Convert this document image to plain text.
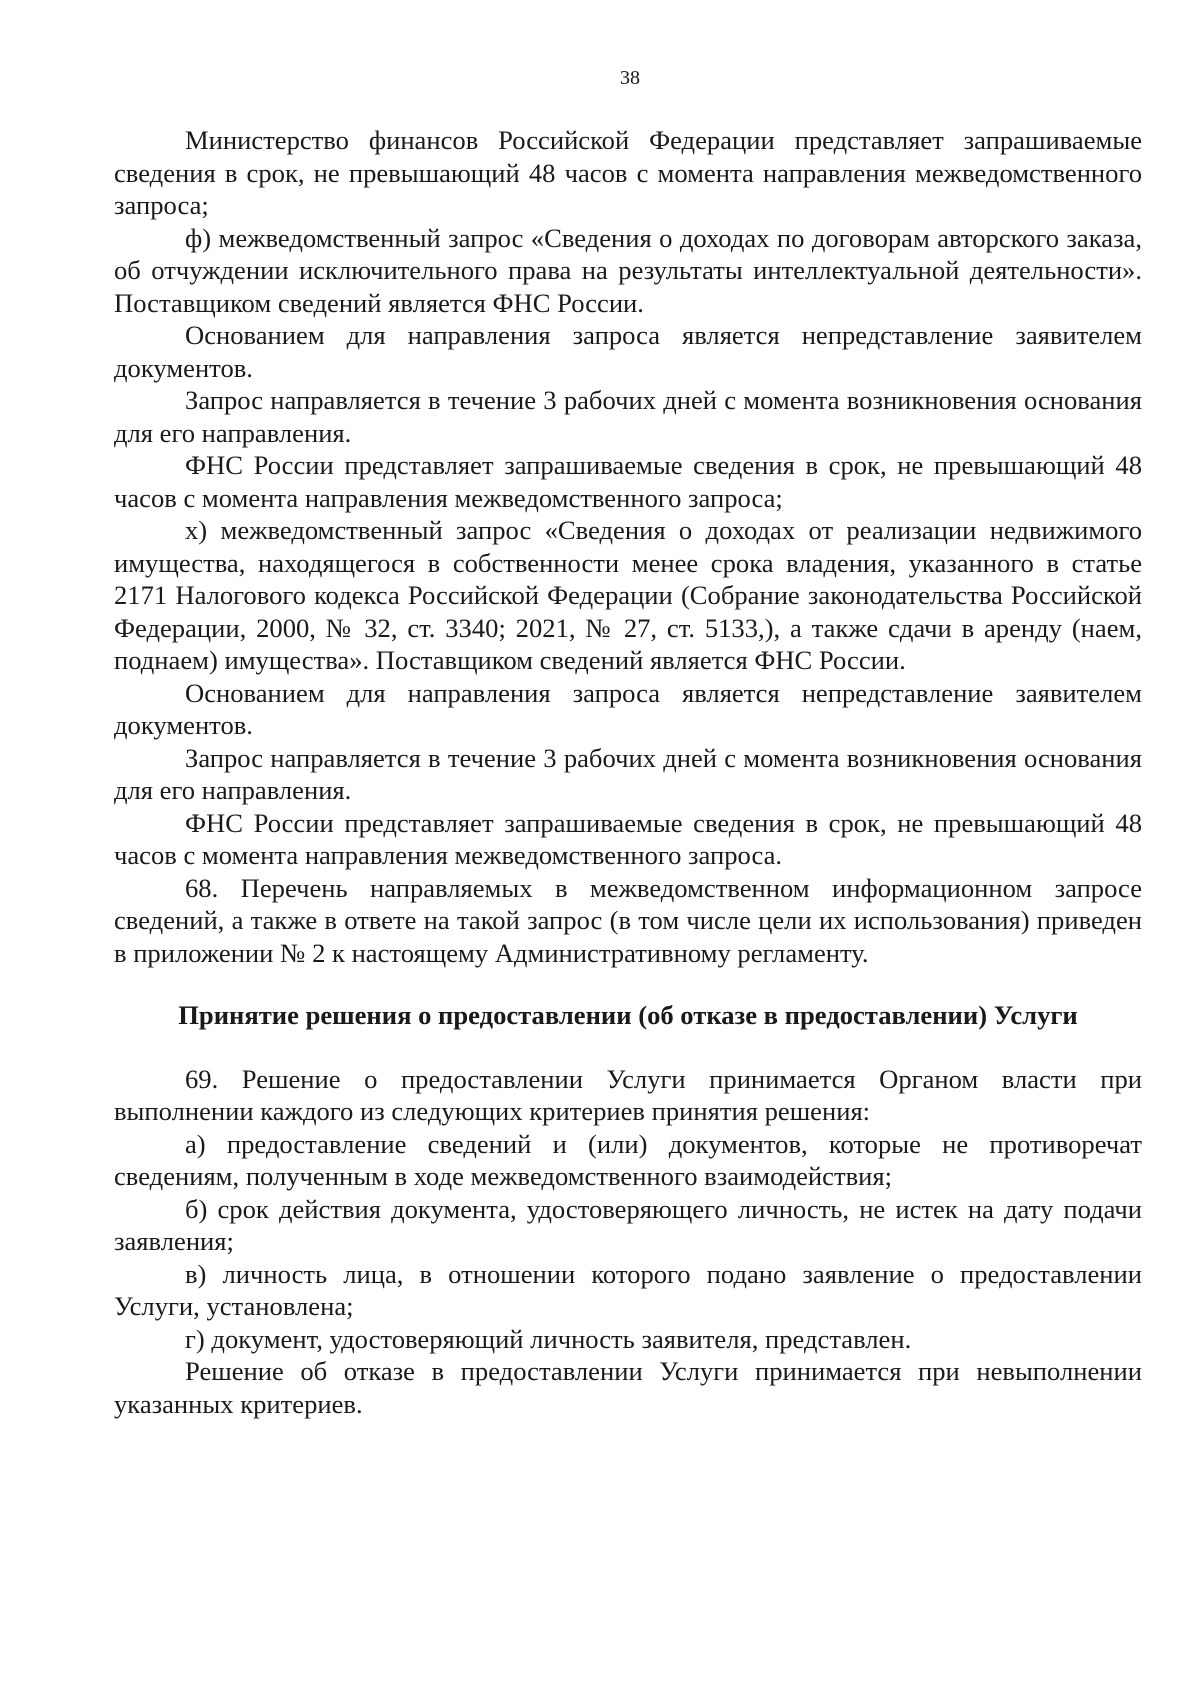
38

Министерство финансов Российской Федерации представляет запрашиваемые сведения в срок, не превышающий 48 часов с момента направления межведомственного запроса;

ф) межведомственный запрос «Сведения о доходах по договорам авторского заказа, об отчуждении исключительного права на результаты интеллектуальной деятельности». Поставщиком сведений является ФНС России.

Основанием для направления запроса является непредставление заявителем документов.

Запрос направляется в течение 3 рабочих дней с момента возникновения основания для его направления.

ФНС России представляет запрашиваемые сведения в срок, не превышающий 48 часов с момента направления межведомственного запроса;

х) межведомственный запрос «Сведения о доходах от реализации недвижимого имущества, находящегося в собственности менее срока владения, указанного в статье 2171 Налогового кодекса Российской Федерации (Собрание законодательства Российской Федерации, 2000, № 32, ст. 3340; 2021, № 27, ст. 5133,), а также сдачи в аренду (наем, поднаем) имущества». Поставщиком сведений является ФНС России.

Основанием для направления запроса является непредставление заявителем документов.

Запрос направляется в течение 3 рабочих дней с момента возникновения основания для его направления.

ФНС России представляет запрашиваемые сведения в срок, не превышающий 48 часов с момента направления межведомственного запроса.

68. Перечень направляемых в межведомственном информационном запросе сведений, а также в ответе на такой запрос (в том числе цели их использования) приведен в приложении № 2 к настоящему Административному регламенту.

Принятие решения о предоставлении (об отказе в предоставлении) Услуги

69. Решение о предоставлении Услуги принимается Органом власти при выполнении каждого из следующих критериев принятия решения:

а) предоставление сведений и (или) документов, которые не противоречат сведениям, полученным в ходе межведомственного взаимодействия;

б) срок действия документа, удостоверяющего личность, не истек на дату подачи заявления;

в) личность лица, в отношении которого подано заявление о предоставлении Услуги, установлена;

г) документ, удостоверяющий личность заявителя, представлен.

Решение об отказе в предоставлении Услуги принимается при невыполнении указанных критериев.
